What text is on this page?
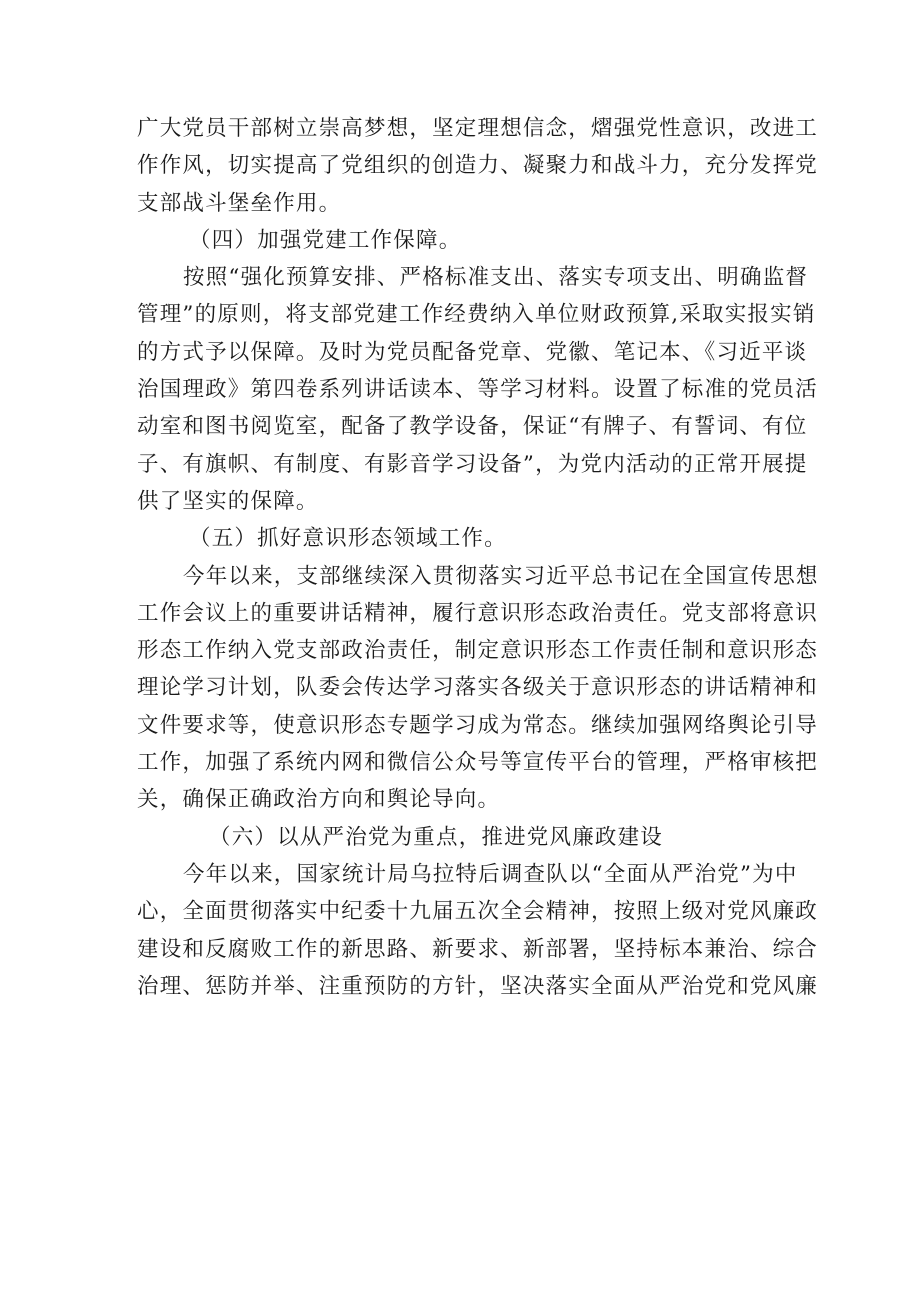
广大党员干部树立崇高梦想，坚定理想信念，熠强党性意识，改进工
作作风，切实提高了党组织的创造力、凝聚力和战斗力，充分发挥党
支部战斗堡垒作用。
（四）加强党建工作保障。
按照“强化预算安排、严格标准支出、落实专项支出、明确监督
管理”的原则，将支部党建工作经费纳入单位财政预算,采取实报实销
的方式予以保障。及时为党员配备党章、党徽、笔记本、《习近平谈
治国理政》第四卷系列讲话读本、等学习材料。设置了标准的党员活
动室和图书阅览室，配备了教学设备，保证“有牌子、有誓词、有位
子、有旗帜、有制度、有影音学习设备”，为党内活动的正常开展提
供了坚实的保障。
（五）抓好意识形态领域工作。
今年以来，支部继续深入贯彻落实习近平总书记在全国宣传思想
工作会议上的重要讲话精神，履行意识形态政治责任。党支部将意识
形态工作纳入党支部政治责任，制定意识形态工作责任制和意识形态
理论学习计划，队委会传达学习落实各级关于意识形态的讲话精神和
文件要求等，使意识形态专题学习成为常态。继续加强网络舆论引导
工作，加强了系统内网和微信公众号等宣传平台的管理，严格审核把
关，确保正确政治方向和舆论导向。
（六）以从严治党为重点，推进党风廉政建设
今年以来，国家统计局乌拉特后调查队以“全面从严治党”为中
心，全面贯彻落实中纪委十九届五次全会精神，按照上级对党风廉政
建设和反腐败工作的新思路、新要求、新部署，坚持标本兼治、综合
治理、惩防并举、注重预防的方针，坚决落实全面从严治党和党风廉
